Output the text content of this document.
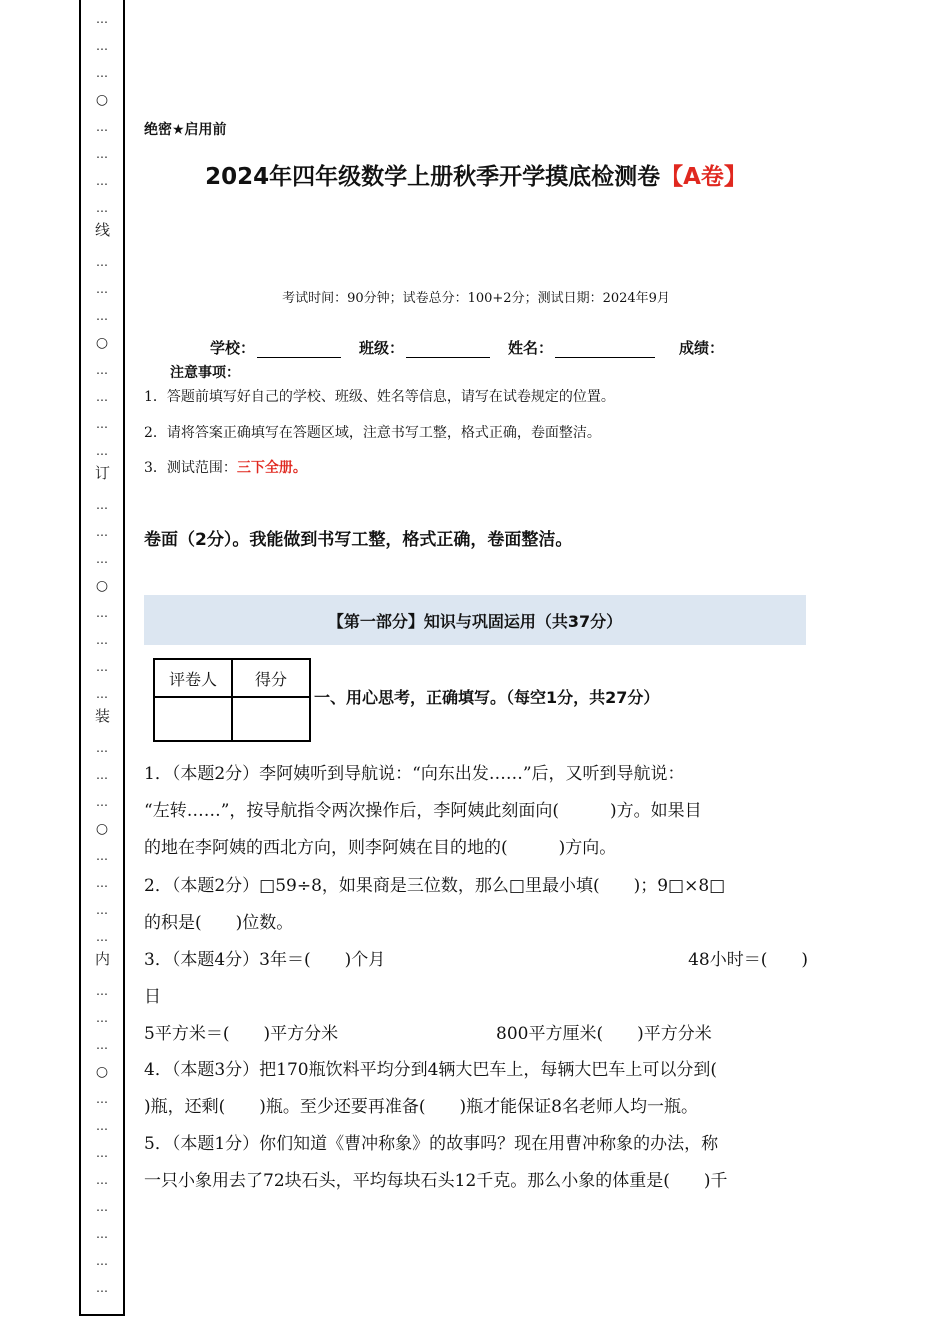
…
…
…
○
…
…
…
…
线
…
…
…
○
…
…
…
…
订
…
…
…
○
…
…
…
…
装
…
…
…
○
…
…
…
…
内
…
…
…
○
…
…
…
…
…
…
…
…
绝密★启用前
2024年四年级数学上册秋季开学摸底检测卷【A卷】
考试时间：90分钟；试卷总分：100+2分；测试日期：2024年9月
学校：	班级：	姓名：	成绩：
注意事项：
1．答题前填写好自己的学校、班级、姓名等信息，请写在试卷规定的位置。
2．请将答案正确填写在答题区域，注意书写工整，格式正确，卷面整洁。
3．测试范围：三下全册。
卷面（2分）。我能做到书写工整，格式正确，卷面整洁。
【第一部分】知识与巩固运用（共37分）
评卷人	得分

一、用心思考，正确填写。（每空1分，共27分）
1．（本题2分）李阿姨听到导航说：“向东出发……”后，又听到导航说：
“左转……”，按导航指令两次操作后，李阿姨此刻面向(　　　)方。如果目
的地在李阿姨的西北方向，则李阿姨在目的地的(　　　)方向。
2．（本题2分）□59÷8，如果商是三位数，那么□里最小填(　　)；9□×8□
的积是(　　)位数。
3．（本题4分）3年＝(　　)个月	48小时＝(　　)
日
5平方米＝(　　)平方分米	800平方厘米(　　)平方分米
4．（本题3分）把170瓶饮料平均分到4辆大巴车上，每辆大巴车上可以分到(
)瓶，还剩(　　)瓶。至少还要再准备(　　)瓶才能保证8名老师人均一瓶。
5．（本题1分）你们知道《曹冲称象》的故事吗？现在用曹冲称象的办法，称
一只小象用去了72块石头，平均每块石头12千克。那么小象的体重是(　　)千
